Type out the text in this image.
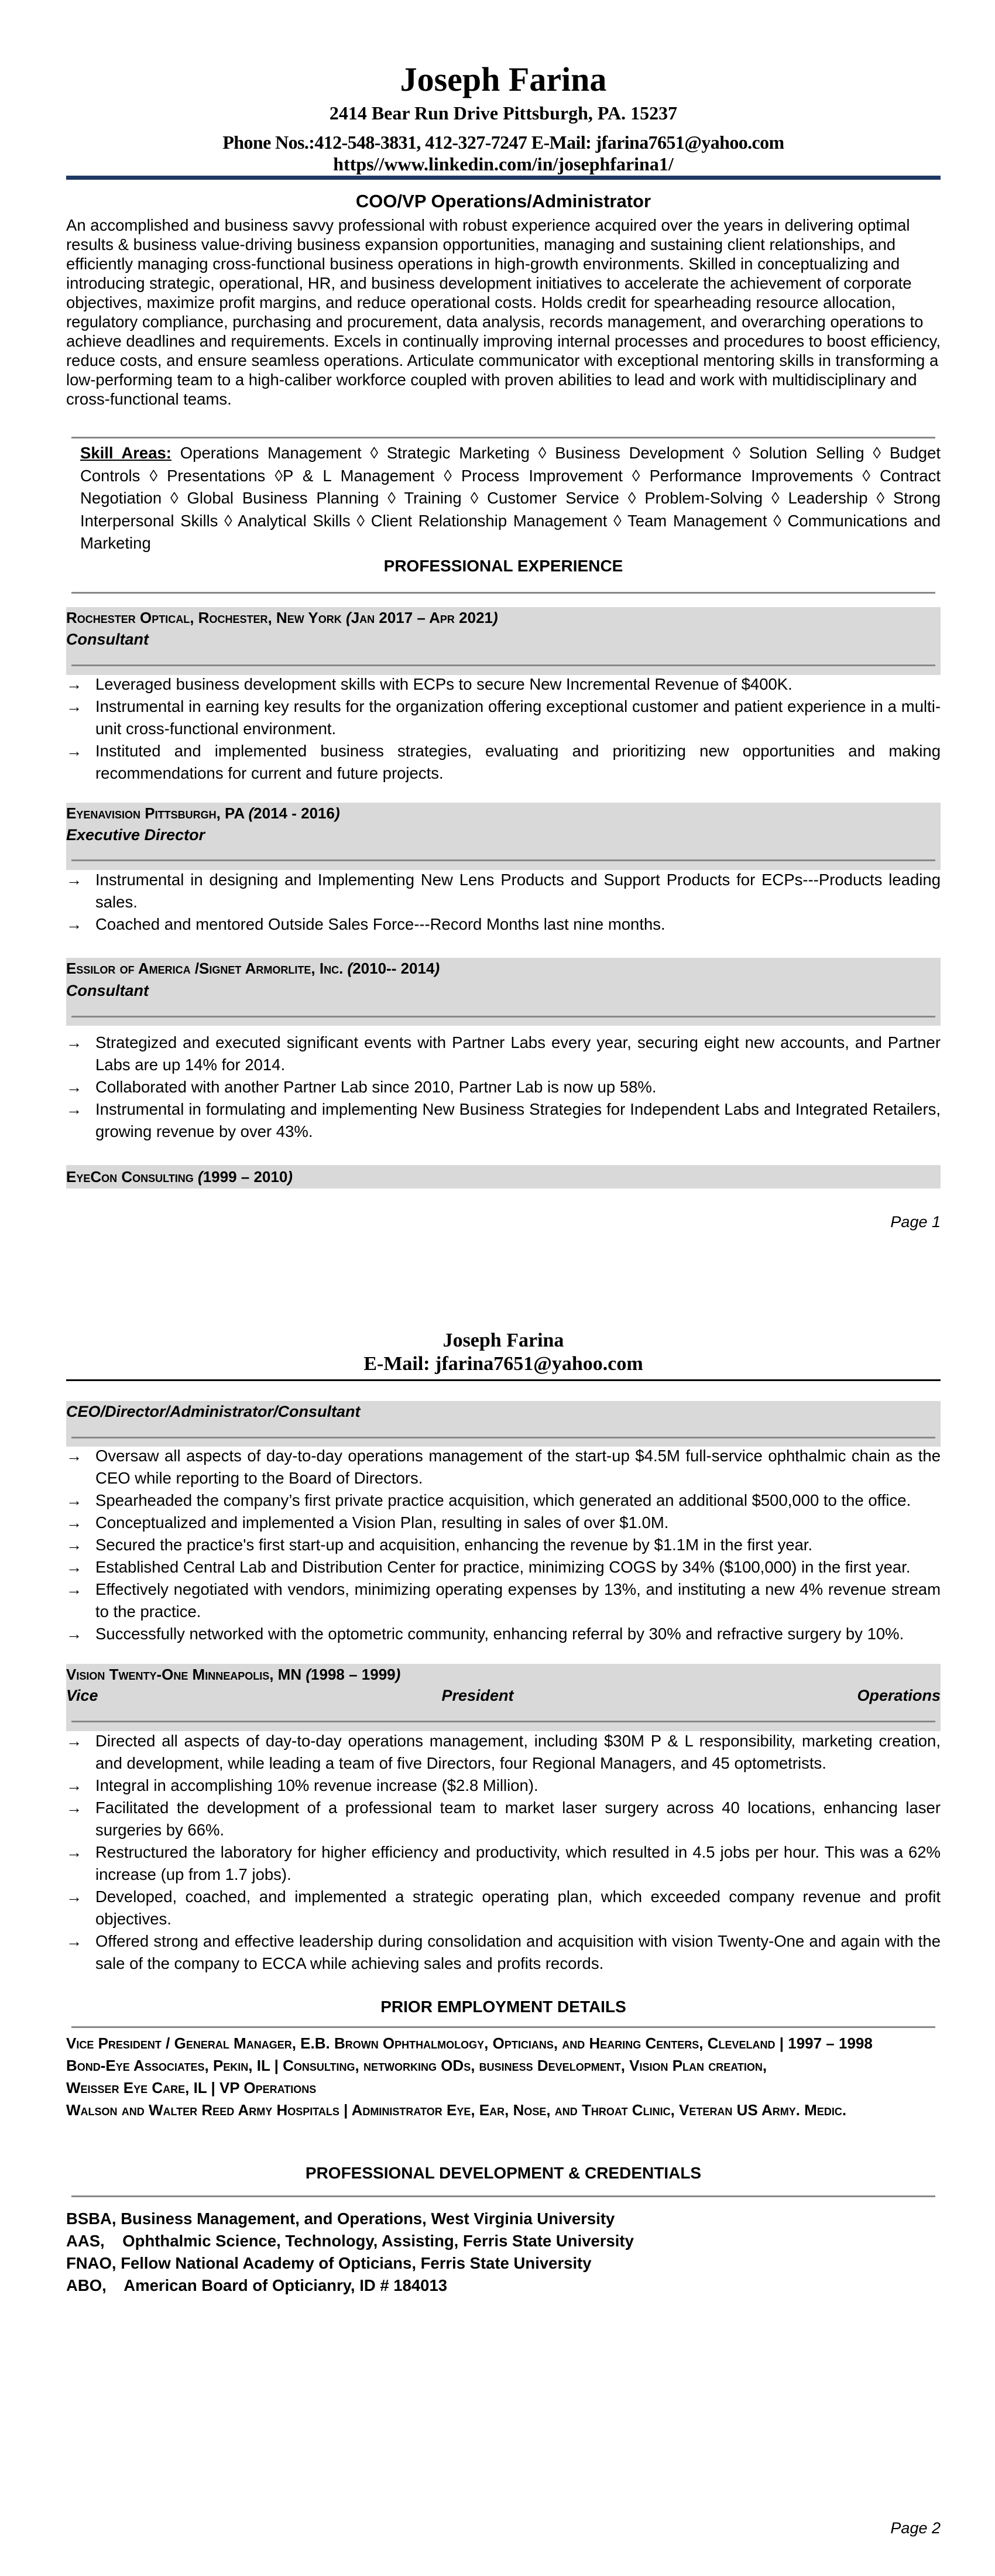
Joseph Farina
2414 Bear Run Drive Pittsburgh, PA. 15237
Phone Nos.:412-548-3831, 412-327-7247 E-Mail: jfarina7651@yahoo.com
https//www.linkedin.com/in/josephfarina1/
COO/VP Operations/Administrator
An accomplished and business savvy professional with robust experience acquired over the years in delivering optimal results & business value-driving business expansion opportunities, managing and sustaining client relationships, and efficiently managing cross-functional business operations in high-growth environments. Skilled in conceptualizing and introducing strategic, operational, HR, and business development initiatives to accelerate the achievement of corporate objectives, maximize profit margins, and reduce operational costs. Holds credit for spearheading resource allocation, regulatory compliance, purchasing and procurement, data analysis, records management, and overarching operations to achieve deadlines and requirements. Excels in continually improving internal processes and procedures to boost efficiency, reduce costs, and ensure seamless operations. Articulate communicator with exceptional mentoring skills in transforming a low-performing team to a high-caliber workforce coupled with proven abilities to lead and work with multidisciplinary and cross-functional teams.
Skill Areas: Operations Management ◊ Strategic Marketing ◊ Business Development ◊ Solution Selling ◊ Budget Controls ◊ Presentations ◊P & L Management ◊ Process Improvement ◊ Performance Improvements ◊ Contract Negotiation ◊ Global Business Planning ◊ Training ◊ Customer Service ◊ Problem-Solving ◊ Leadership ◊ Strong Interpersonal Skills ◊ Analytical Skills ◊ Client Relationship Management ◊ Team Management ◊ Communications and Marketing
PROFESSIONAL EXPERIENCE
Rochester Optical, Rochester, New York (Jan 2017 – Apr 2021)
Consultant
→ Leveraged business development skills with ECPs to secure New Incremental Revenue of $400K.
→ Instrumental in earning key results for the organization offering exceptional customer and patient experience in a multi-unit cross-functional environment.
→ Instituted and implemented business strategies, evaluating and prioritizing new opportunities and making recommendations for current and future projects.
Eyenavision Pittsburgh, PA (2014 - 2016)
Executive Director
→ Instrumental in designing and Implementing New Lens Products and Support Products for ECPs---Products leading sales.
→ Coached and mentored Outside Sales Force---Record Months last nine months.
Essilor of America /Signet Armorlite, Inc. (2010-- 2014)
Consultant
→ Strategized and executed significant events with Partner Labs every year, securing eight new accounts, and Partner Labs are up 14% for 2014.
→ Collaborated with another Partner Lab since 2010, Partner Lab is now up 58%.
→ Instrumental in formulating and implementing New Business Strategies for Independent Labs and Integrated Retailers, growing revenue by over 43%.
EyeCon Consulting (1999 – 2010)
Page 1
Joseph Farina
E-Mail: jfarina7651@yahoo.com
CEO/Director/Administrator/Consultant
→ Oversaw all aspects of day-to-day operations management of the start-up $4.5M full-service ophthalmic chain as the CEO while reporting to the Board of Directors.
→ Spearheaded the company’s first private practice acquisition, which generated an additional $500,000 to the office.
→ Conceptualized and implemented a Vision Plan, resulting in sales of over $1.0M.
→ Secured the practice's first start-up and acquisition, enhancing the revenue by $1.1M in the first year.
→ Established Central Lab and Distribution Center for practice, minimizing COGS by 34% ($100,000) in the first year.
→ Effectively negotiated with vendors, minimizing operating expenses by 13%, and instituting a new 4% revenue stream to the practice.
→ Successfully networked with the optometric community, enhancing referral by 30% and refractive surgery by 10%.
Vision Twenty-One Minneapolis, MN (1998 – 1999)
Vice President Operations
→ Directed all aspects of day-to-day operations management, including $30M P & L responsibility, marketing creation, and development, while leading a team of five Directors, four Regional Managers, and 45 optometrists.
→ Integral in accomplishing 10% revenue increase ($2.8 Million).
→ Facilitated the development of a professional team to market laser surgery across 40 locations, enhancing laser surgeries by 66%.
→ Restructured the laboratory for higher efficiency and productivity, which resulted in 4.5 jobs per hour. This was a 62% increase (up from 1.7 jobs).
→ Developed, coached, and implemented a strategic operating plan, which exceeded company revenue and profit objectives.
→ Offered strong and effective leadership during consolidation and acquisition with vision Twenty-One and again with the sale of the company to ECCA while achieving sales and profits records.
PRIOR EMPLOYMENT DETAILS
Vice President / General Manager, E.B. Brown Ophthalmology, Opticians, and Hearing Centers, Cleveland | 1997 – 1998
Bond-Eye Associates, Pekin, IL | Consulting, networking ODs, business Development, Vision Plan creation,
Weisser Eye Care, IL | VP Operations
Walson and Walter Reed Army Hospitals | Administrator Eye, Ear, Nose, and Throat Clinic, Veteran US Army. Medic.
PROFESSIONAL DEVELOPMENT & CREDENTIALS
BSBA, Business Management, and Operations, West Virginia University
AAS,    Ophthalmic Science, Technology, Assisting, Ferris State University
FNAO, Fellow National Academy of Opticians, Ferris State University
ABO,    American Board of Opticianry, ID # 184013
Page 2
